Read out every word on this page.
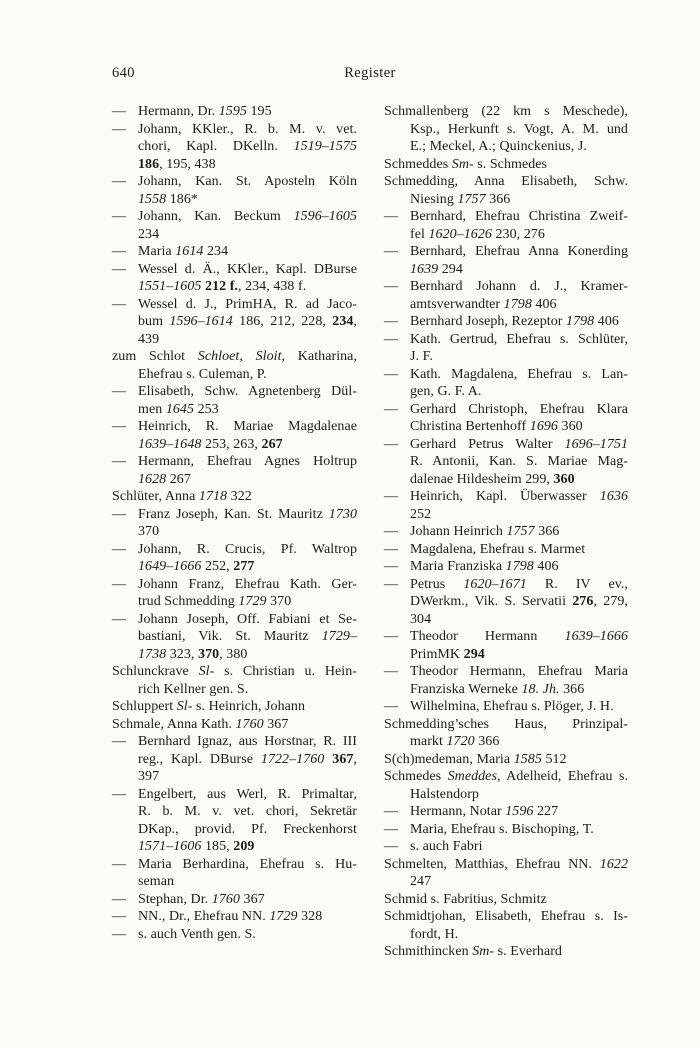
640	Register
— Hermann, Dr. 1595 195
— Johann, KKler., R. b. M. v. vet.
chori, Kapl. DKelln. 1519–1575
186, 195, 438
— Johann, Kan. St. Aposteln Köln
1558 186*
— Johann, Kan. Beckum 1596–1605
234
— Maria 1614 234
— Wessel d. Ä., KKler., Kapl. DBurse
1551–1605 212 f., 234, 438 f.
— Wessel d. J., PrimHA, R. ad Jaco-
bum 1596–1614 186, 212, 228, 234,
439
zum Schlot Schloet, Sloit, Katharina,
Ehefrau s. Culeman, P.
— Elisabeth, Schw. Agnetenberg Dül-
men 1645 253
— Heinrich, R. Mariae Magdalenae
1639–1648 253, 263, 267
— Hermann, Ehefrau Agnes Holtrup
1628 267
Schlüter, Anna 1718 322
— Franz Joseph, Kan. St. Mauritz 1730
370
— Johann, R. Crucis, Pf. Waltrop
1649–1666 252, 277
— Johann Franz, Ehefrau Kath. Ger-
trud Schmedding 1729 370
— Johann Joseph, Off. Fabiani et Se-
bastiani, Vik. St. Mauritz 1729–
1738 323, 370, 380
Schlunckrave Sl- s. Christian u. Hein-
rich Kellner gen. S.
Schluppert Sl- s. Heinrich, Johann
Schmale, Anna Kath. 1760 367
— Bernhard Ignaz, aus Horstnar, R. III
reg., Kapl. DBurse 1722–1760 367,
397
— Engelbert, aus Werl, R. Primaltar,
R. b. M. v. vet. chori, Sekretär
DKap., provid. Pf. Freckenhorst
1571–1606 185, 209
— Maria Berhardina, Ehefrau s. Hu-
seman
— Stephan, Dr. 1760 367
— NN., Dr., Ehefrau NN. 1729 328
— s. auch Venth gen. S.
Schmallenberg (22 km s Meschede),
Ksp., Herkunft s. Vogt, A. M. und
E.; Meckel, A.; Quinckenius, J.
Schmeddes Sm- s. Schmedes
Schmedding, Anna Elisabeth, Schw.
Niesing 1757 366
— Bernhard, Ehefrau Christina Zweif-
fel 1620–1626 230, 276
— Bernhard, Ehefrau Anna Konerding
1639 294
— Bernhard Johann d. J., Kramer-
amtsverwandter 1798 406
— Bernhard Joseph, Rezeptor 1798 406
— Kath. Gertrud, Ehefrau s. Schlüter,
J. F.
— Kath. Magdalena, Ehefrau s. Lan-
gen, G. F. A.
— Gerhard Christoph, Ehefrau Klara
Christina Bertenhoff 1696 360
— Gerhard Petrus Walter 1696–1751
R. Antonii, Kan. S. Mariae Mag-
dalenae Hildesheim 299, 360
— Heinrich, Kapl. Überwasser 1636
252
— Johann Heinrich 1757 366
— Magdalena, Ehefrau s. Marmet
— Maria Franziska 1798 406
— Petrus 1620–1671 R. IV ev.,
DWerkm., Vik. S. Servatii 276, 279,
304
— Theodor Hermann 1639–1666
PrimMK 294
— Theodor Hermann, Ehefrau Maria
Franziska Werneke 18. Jh. 366
— Wilhelmina, Ehefrau s. Plöger, J. H.
Schmedding’sches Haus, Prinzipal-
markt 1720 366
S(ch)medeman, Maria 1585 512
Schmedes Smeddes, Adelheid, Ehefrau s.
Halstendorp
— Hermann, Notar 1596 227
— Maria, Ehefrau s. Bischoping, T.
— s. auch Fabri
Schmelten, Matthias, Ehefrau NN. 1622
247
Schmid s. Fabritius, Schmitz
Schmidtjohan, Elisabeth, Ehefrau s. Is-
fordt, H.
Schmithincken Sm- s. Everhard
